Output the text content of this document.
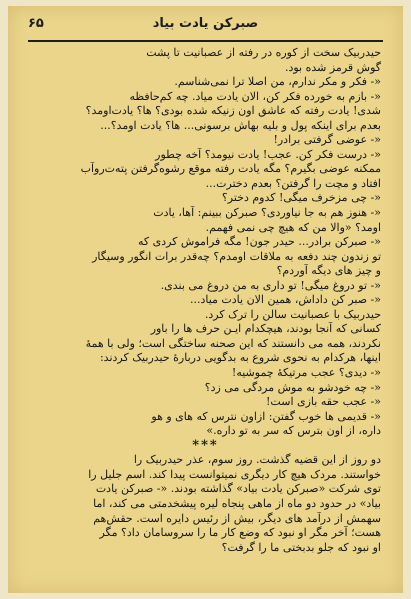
صبرکن یادت بیاد
۶۵
حیدربیک سخت از کوره در رفته از عصبانیت تا پشت
گوش قرمز شده بود.
«- فکر و مکر ندارم، من اصلا ترا نمی‌شناسم.
«- بازم به خورده فکر کن، الان یادت میاد. چه کم‌حافظه
شدی! یادت رفته که عاشق اون زنیکه شده بودی؟ ها؟ یادت‌اومد؟
بعدم برای اینکه پول و بلیه بهاش برسونی... ها؟ یادت اومد؟...
«- عوضی گرفتی برادر!
«- درست فکر کن. عجب! یادت نیومد؟ آخه چطور
ممکنه عوضی بگیرم؟ مگه یادت رفته موقع رشوه‌گرفتن پته‌ت‌رو‌آب
افتاد و مچت را گرفتن؟ بعدم دخترت...
«- چی مزخرف میگی! کدوم دختر؟
«- هنوز هم به جا نیاوردی؟ صبرکن ببینم: آها، یادت
اومد؟ «والا من که هیچ چی نمی فهمم.
«- صبرکن برادر... حیدر جون! مگه فراموش کردی که
تو زندون چند دفعه به ملاقات اومدم؟ چه‌قدر برات انگور وسیگار
و چیز های دیگه آوردم؟
«- تو دروغ میگی! تو داری به من دروغ می بندی.
«- صبر کن داداش، همین الان یادت میاد...
حیدربیک با عصبانیت سالن را ترک کرد.
کسانی که آنجا بودند، هیچکدام ایـن حرف ها را باور
نکردند، همه می دانستند که این صحنه ساختگی است؛ ولی با همهٔ
اینها، هرکدام به نحوی شروع به بدگویی دربارهٔ حیدربیک کردند:
«- دیدی؟ عجب مرتیکهٔ چموشیه!
«- چه خودشو به موش مردگی می زد؟
«- عجب حقه بازی است!
«- قدیمی ها خوب گفتن: ازاون نترس که های و هو
داره، از اون بترس که سر به تو داره.»
***
دو روز از این قضیه گذشت. روز سوم، عذر حیدربیک را
خواستند. مردک هیچ کار دیگری نمیتوانست پیدا کند. اسم جلیل را
توی شرکت «صبرکن یادت بیاد» گذاشته بودند. «- صبرکن یادت
بیاد» در حدود دو ماه از ماهی پنجاه لیره پیشخدمتی می کند، اما
سهمش از درآمد های دیگر، بیش از رئیس دایره است. حقش‌هم
هست؛ آخر مگر او نبود که وضع کار ما را سروسامان داد؟ مگر
او نبود که جلو بدبختی ما را گرفت؟
